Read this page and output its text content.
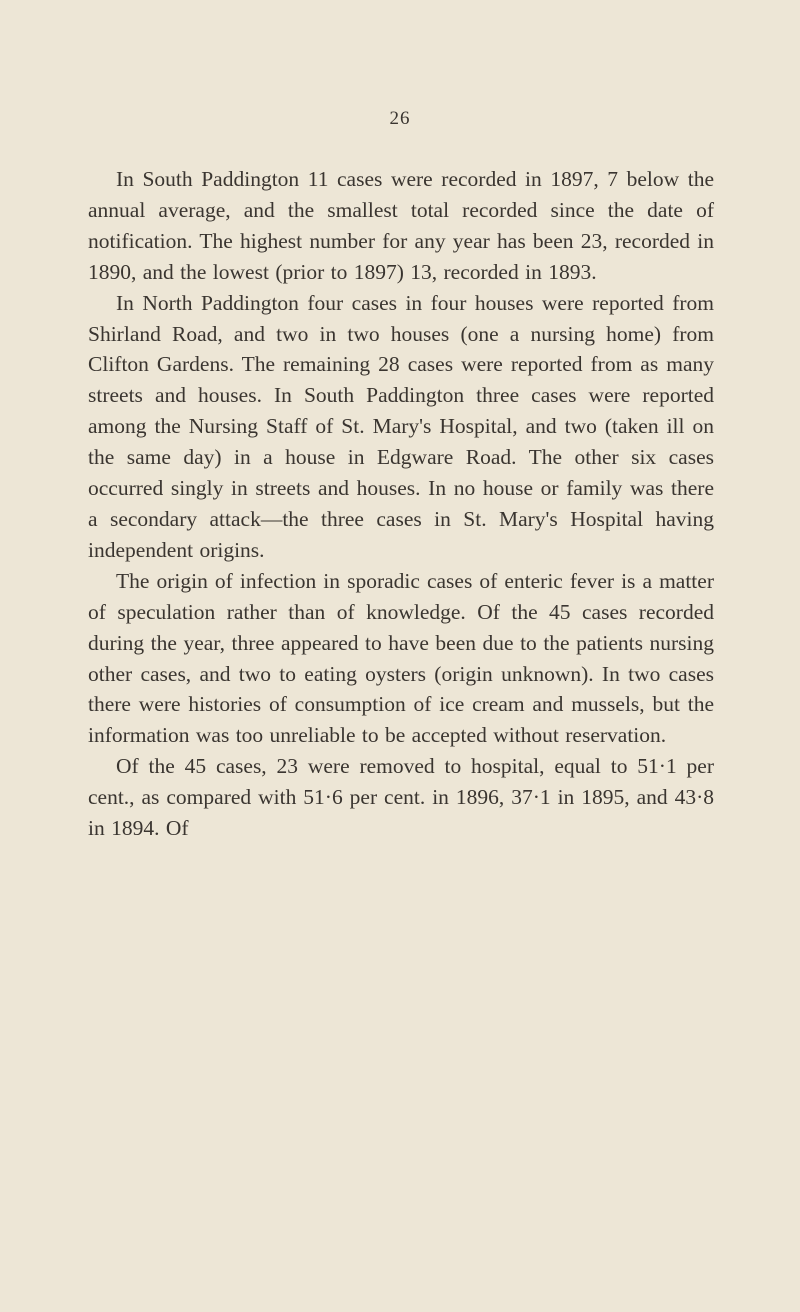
26

In South Paddington 11 cases were recorded in 1897, 7 below the annual average, and the smallest total recorded since the date of notification. The highest number for any year has been 23, recorded in 1890, and the lowest (prior to 1897) 13, recorded in 1893.

In North Paddington four cases in four houses were reported from Shirland Road, and two in two houses (one a nursing home) from Clifton Gardens. The remaining 28 cases were reported from as many streets and houses. In South Paddington three cases were reported among the Nursing Staff of St. Mary's Hospital, and two (taken ill on the same day) in a house in Edgware Road. The other six cases occurred singly in streets and houses. In no house or family was there a secondary attack—the three cases in St. Mary's Hospital having independent origins.

The origin of infection in sporadic cases of enteric fever is a matter of speculation rather than of knowledge. Of the 45 cases recorded during the year, three appeared to have been due to the patients nursing other cases, and two to eating oysters (origin unknown). In two cases there were histories of consumption of ice cream and mussels, but the information was too unreliable to be accepted without reservation.

Of the 45 cases, 23 were removed to hospital, equal to 51·1 per cent., as compared with 51·6 per cent. in 1896, 37·1 in 1895, and 43·8 in 1894. Of
